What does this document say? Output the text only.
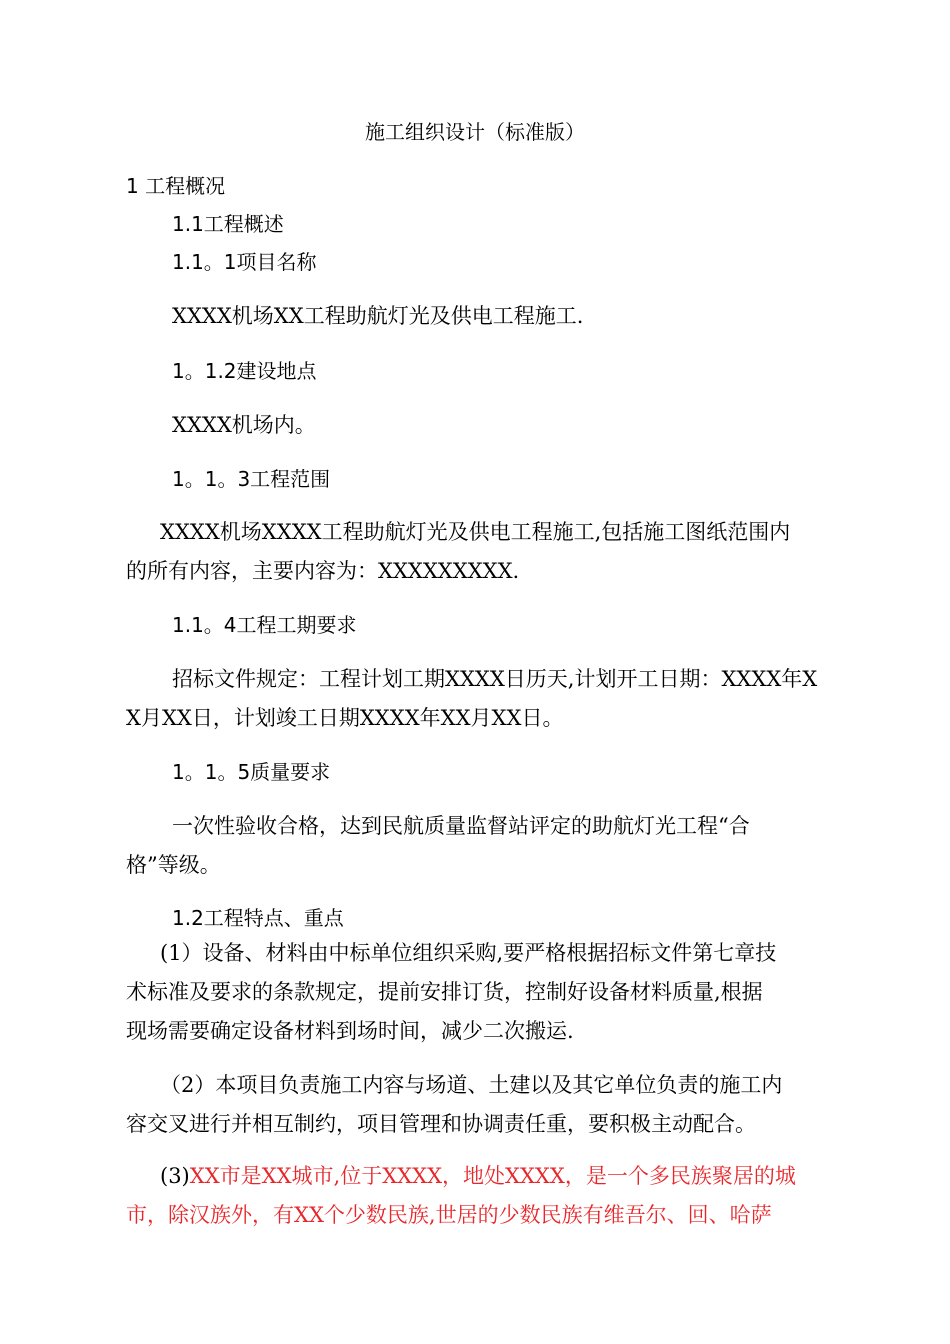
施工组织设计（标准版）
1 工程概况
1.1工程概述
1.1。1项目名称
XXXX机场XX工程助航灯光及供电工程施工.
1。1.2建设地点
XXXX机场内。
1。1。3工程范围
XXXX机场XXXX工程助航灯光及供电工程施工,包括施工图纸范围内
的所有内容，主要内容为：XXXXXXXXX.
1.1。4工程工期要求
招标文件规定：工程计划工期XXXX日历天,计划开工日期：XXXX年X
X月XX日，计划竣工日期XXXX年XX月XX日。
1。1。5质量要求
一次性验收合格，达到民航质量监督站评定的助航灯光工程“合
格”等级。
1.2工程特点、重点
(1）设备、材料由中标单位组织采购,要严格根据招标文件第七章技
术标准及要求的条款规定，提前安排订货，控制好设备材料质量,根据
现场需要确定设备材料到场时间，减少二次搬运.
（2）本项目负责施工内容与场道、土建以及其它单位负责的施工内
容交叉进行并相互制约，项目管理和协调责任重，要积极主动配合。
(3)XX市是XX城市,位于XXXX，地处XXXX，是一个多民族聚居的城
市，除汉族外，有XX个少数民族,世居的少数民族有维吾尔、回、哈萨
